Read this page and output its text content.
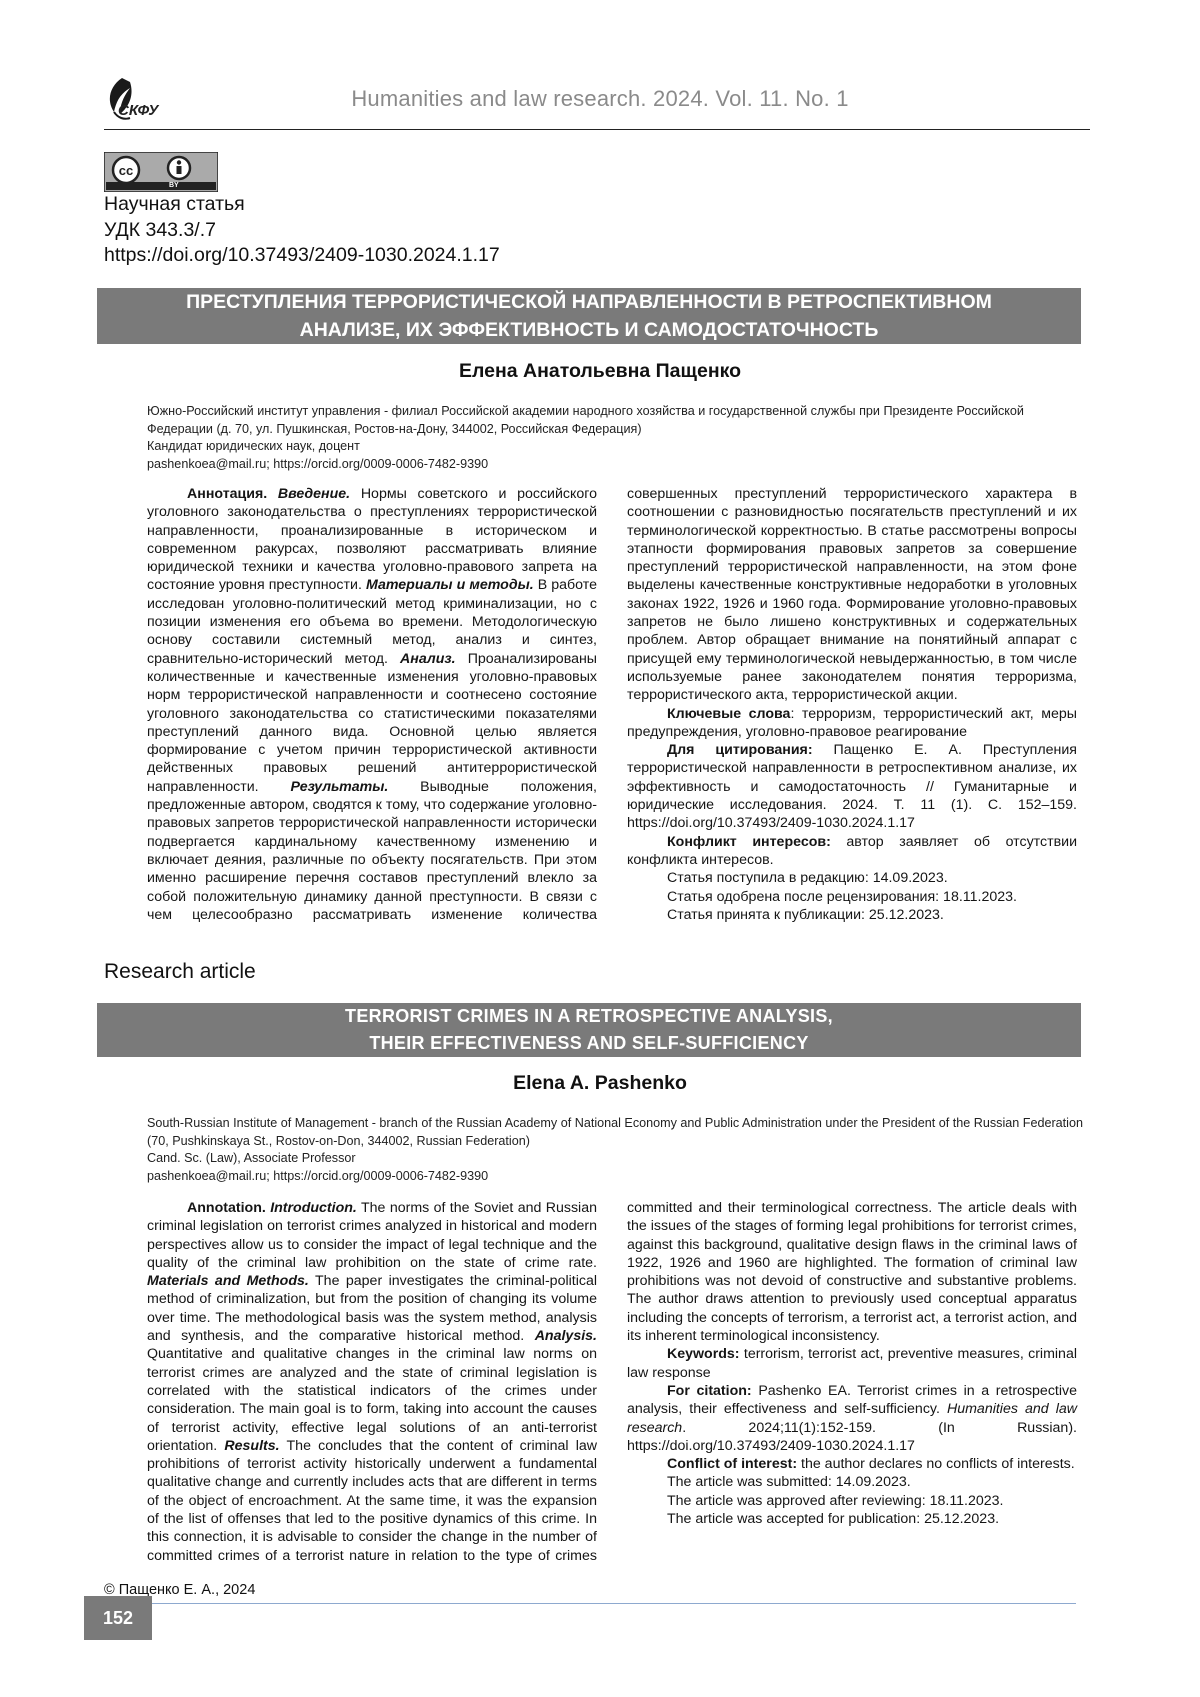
СКФУ	Humanities and law research. 2024. Vol. 11. No. 1
cc
BY
Научная статья
УДК 343.3/.7
https://doi.org/10.37493/2409-1030.2024.1.17
ПРЕСТУПЛЕНИЯ ТЕРРОРИСТИЧЕСКОЙ НАПРАВЛЕННОСТИ В РЕТРОСПЕКТИВНОМ
АНАЛИЗЕ, ИХ ЭФФЕКТИВНОСТЬ И САМОДОСТАТОЧНОСТЬ
Елена Анатольевна Пащенко
Южно-Российский институт управления - филиал Российской академии народного хозяйства и государственной службы при Президенте Российской Федерации (д. 70, ул. Пушкинская, Ростов-на-Дону, 344002, Российская Федерация)
Кандидат юридических наук, доцент
pashenkoea@mail.ru; https://orcid.org/0009-0006-7482-9390

Аннотация. Введение. Нормы советского и российского уголовного законодательства о преступлениях террористической направленности, проанализированные в историческом и современном ракурсах, позволяют рассматривать влияние юридической техники и качества уголовно-правового запрета на состояние уровня преступности. Материалы и методы. В работе исследован уголовно-политический метод криминализации, но с позиции изменения его объема во времени. Методологическую основу составили системный метод, анализ и синтез, сравнительно-исторический метод. Анализ. Проанализированы количественные и качественные изменения уголовно-правовых норм террористической направленности и соотнесено состояние уголовного законодательства со статистическими показателями преступлений данного вида. Основной целью является формирование с учетом причин террористической активности действенных правовых решений антитеррористической направленности. Результаты. Выводные положения, предложенные автором, сводятся к тому, что содержание уголовно-правовых запретов террористической направленности исторически подвергается кардинальному качественному изменению и включает деяния, различные по объекту посягательств. При этом именно расширение перечня составов преступлений влекло за собой положительную динамику данной преступности. В связи с чем целесообразно рассматривать изменение количества совершенных преступлений террористического характера в соотношении с разновидностью посягательств преступлений и их терминологической корректностью. В статье рассмотрены вопросы этапности формирования правовых запретов за совершение преступлений террористической направленности, на этом фоне выделены качественные конструктивные недоработки в уголовных законах 1922, 1926 и 1960 года. Формирование уголовно-правовых запретов не было лишено конструктивных и содержательных проблем. Автор обращает внимание на понятийный аппарат с присущей ему терминологической невыдержанностью, в том числе используемые ранее законодателем понятия терроризма, террористического акта, террористической акции.

Ключевые слова: терроризм, террористический акт, меры предупреждения, уголовно-правовое реагирование

Для цитирования: Пащенко Е. А. Преступления террористической направленности в ретроспективном анализе, их эффективность и самодостаточность // Гуманитарные и юридические исследования. 2024. Т. 11 (1). С. 152–159. https://doi.org/10.37493/2409-1030.2024.1.17

Конфликт интересов: автор заявляет об отсутствии конфликта интересов.

Статья поступила в редакцию: 14.09.2023.

Статья одобрена после рецензирования: 18.11.2023.

Статья принята к публикации: 25.12.2023.

Research article
TERRORIST CRIMES IN A RETROSPECTIVE ANALYSIS,
THEIR EFFECTIVENESS AND SELF-SUFFICIENCY
Elena A. Pashenko
South-Russian Institute of Management - branch of the Russian Academy of National Economy and Public Administration under the President of the Russian Federation (70, Pushkinskaya St., Rostov-on-Don, 344002, Russian Federation)
Cand. Sc. (Law), Associate Professor
pashenkoea@mail.ru; https://orcid.org/0009-0006-7482-9390

Annotation. Introduction. The norms of the Soviet and Russian criminal legislation on terrorist crimes analyzed in historical and modern perspectives allow us to consider the impact of legal technique and the quality of the criminal law prohibition on the state of crime rate. Materials and Methods. The paper investigates the criminal-political method of criminalization, but from the position of changing its volume over time. The methodological basis was the system method, analysis and synthesis, and the comparative historical method. Analysis. Quantitative and qualitative changes in the criminal law norms on terrorist crimes are analyzed and the state of criminal legislation is correlated with the statistical indicators of the crimes under consideration. The main goal is to form, taking into account the causes of terrorist activity, effective legal solutions of an anti-terrorist orientation. Results. The concludes that the content of criminal law prohibitions of terrorist activity historically underwent a fundamental qualitative change and currently includes acts that are different in terms of the object of encroachment. At the same time, it was the expansion of the list of offenses that led to the positive dynamics of this crime. In this connection, it is advisable to consider the change in the number of committed crimes of a terrorist nature in relation to the type of crimes committed and their terminological correctness. The article deals with the issues of the stages of forming legal prohibitions for terrorist crimes, against this background, qualitative design flaws in the criminal laws of 1922, 1926 and 1960 are highlighted. The formation of criminal law prohibitions was not devoid of constructive and substantive problems. The author draws attention to previously used conceptual apparatus including the concepts of terrorism, a terrorist act, a terrorist action, and its inherent terminological inconsistency.

Keywords: terrorism, terrorist act, preventive measures, criminal law response

For citation: Pashenko EA. Terrorist crimes in a retrospective analysis, their effectiveness and self-sufficiency. Humanities and law research. 2024;11(1):152-159. (In Russian). https://doi.org/10.37493/2409-1030.2024.1.17

Conflict of interest: the author declares no conflicts of interests.

The article was submitted: 14.09.2023.

The article was approved after reviewing: 18.11.2023.

The article was accepted for publication: 25.12.2023.

© Пащенко Е. А., 2024
152
